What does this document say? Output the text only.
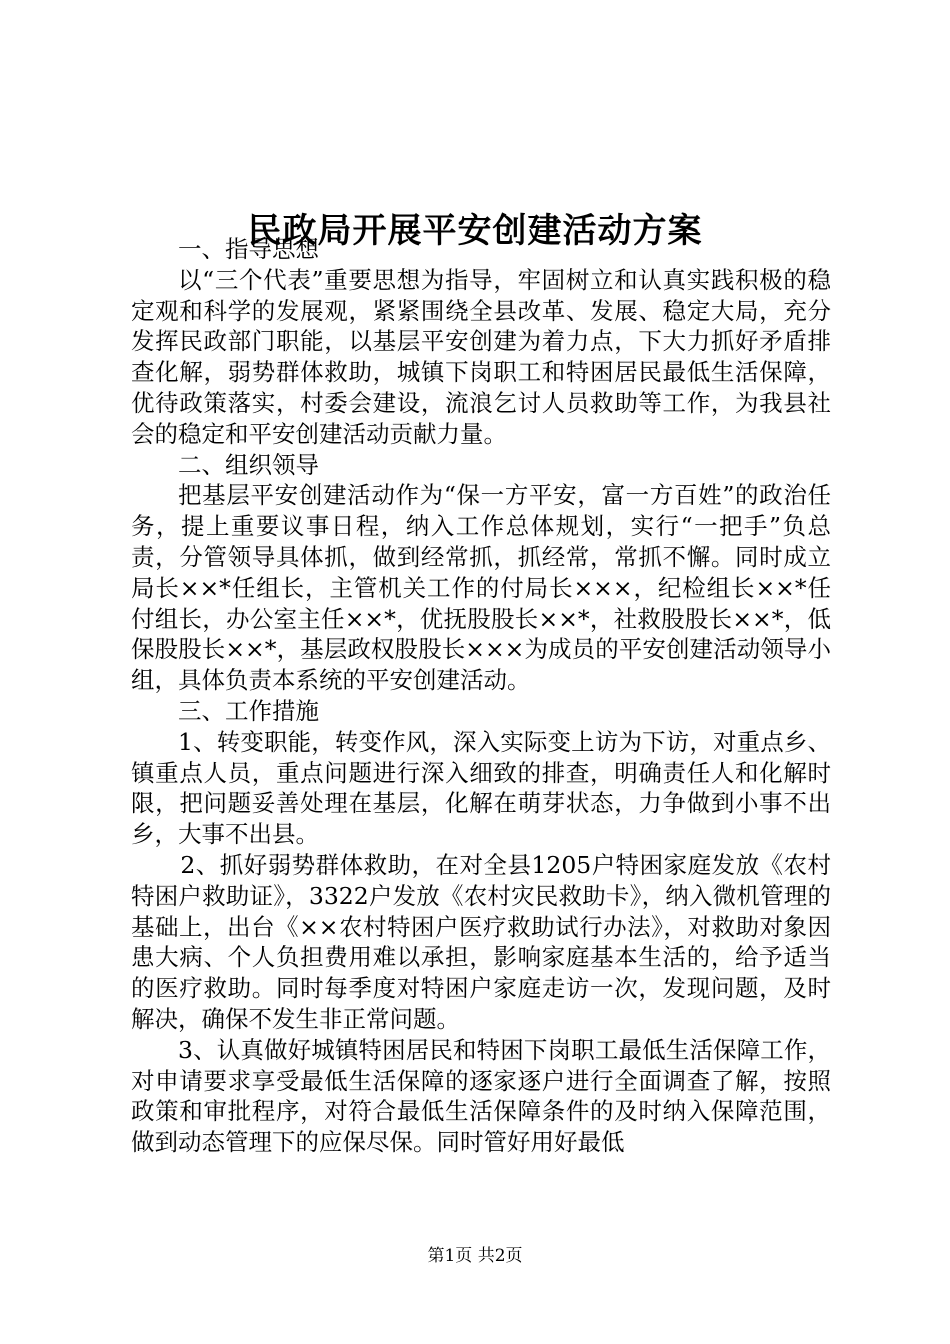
民政局开展平安创建活动方案

一、指导思想

以“三个代表”重要思想为指导，牢固树立和认真实践积极的稳定观和科学的发展观，紧紧围绕全县改革、发展、稳定大局，充分发挥民政部门职能，以基层平安创建为着力点，下大力抓好矛盾排查化解，弱势群体救助，城镇下岗职工和特困居民最低生活保障，优待政策落实，村委会建设，流浪乞讨人员救助等工作，为我县社会的稳定和平安创建活动贡献力量。

二、组织领导

把基层平安创建活动作为“保一方平安，富一方百姓”的政治任务，提上重要议事日程，纳入工作总体规划，实行“一把手”负总责，分管领导具体抓，做到经常抓，抓经常，常抓不懈。同时成立局长××*任组长，主管机关工作的付局长×××，纪检组长××*任付组长，办公室主任××*，优抚股股长××*，社救股股长××*，低保股股长××*，基层政权股股长×××为成员的平安创建活动领导小组，具体负责本系统的平安创建活动。

三、工作措施

1、转变职能，转变作风，深入实际变上访为下访，对重点乡、镇重点人员，重点问题进行深入细致的排查，明确责任人和化解时限，把问题妥善处理在基层，化解在萌芽状态，力争做到小事不出乡，大事不出县。

2、抓好弱势群体救助，在对全县1205户特困家庭发放《农村特困户救助证》，3322户发放《农村灾民救助卡》，纳入微机管理的基础上，出台《××农村特困户医疗救助试行办法》，对救助对象因患大病、个人负担费用难以承担，影响家庭基本生活的，给予适当的医疗救助。同时每季度对特困户家庭走访一次，发现问题，及时解决，确保不发生非正常问题。

3、认真做好城镇特困居民和特困下岗职工最低生活保障工作，对申请要求享受最低生活保障的逐家逐户进行全面调查了解，按照政策和审批程序，对符合最低生活保障条件的及时纳入保障范围，做到动态管理下的应保尽保。同时管好用好最低

第1页 共2页
